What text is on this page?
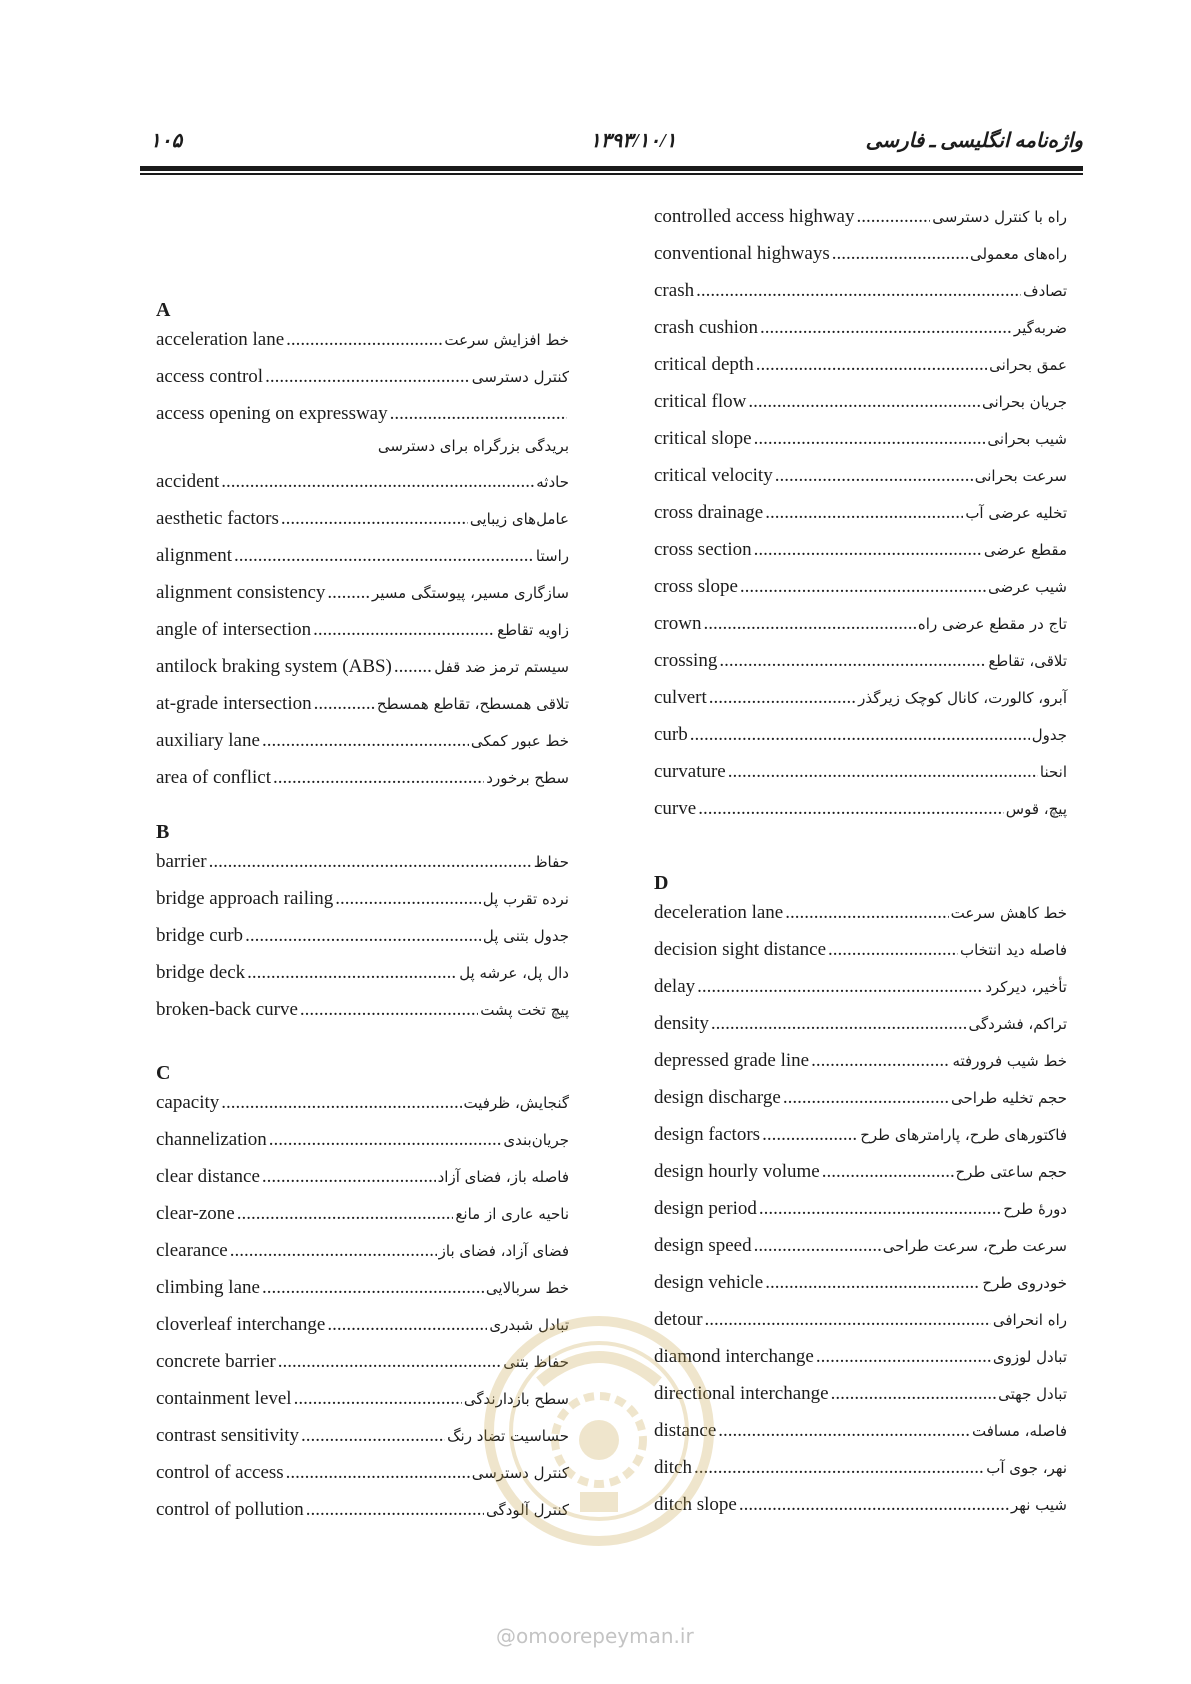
۱۰۵	۱۳۹۳/۱۰/۱	واژه‌نامه انگلیسی ـ فارسی
A
acceleration lane .....	خط افزایش سرعت
access control .....	کنترل دسترسی
access opening on expressway
.....
بریدگی بزرگراه برای دسترسی
accident .....	حادثه
aesthetic factors .....	عامل‌های زیبایی
alignment .....	راستا
alignment consistency .....	سازگاری مسیر، پیوستگی مسیر
angle of intersection .....	زاویه تقاطع
antilock braking system (ABS) .....	سیستم ترمز ضد قفل
at-grade intersection .....	تلاقی همسطح، تقاطع همسطح
auxiliary lane .....	خط عبور کمکی
area of conflict .....	سطح برخورد
B
barrier .....	حفاظ
bridge approach railing .....	نرده تقرب پل
bridge curb .....	جدول بتنی پل
bridge deck .....	دال پل، عرشه پل
broken-back curve .....	پیچ تخت پشت
C
capacity .....	گنجایش، ظرفیت
channelization .....	جریان‌بندی
clear distance .....	فاصله باز، فضای آزاد
clear-zone .....	ناحیه عاری از مانع
clearance .....	فضای آزاد، فضای باز
climbing lane .....	خط سربالایی
cloverleaf interchange .....	تبادل شبدری
concrete barrier .....	حفاظ بتنی
containment level .....	سطح بازدارندگی
contrast sensitivity .....	حساسیت تضاد رنگ
control of access .....	کنترل دسترسی
control of pollution .....	کنترل آلودگی
controlled access highway .....	راه با کنترل دسترسی
conventional highways .....	راه‌های معمولی
crash .....	تصادف
crash cushion .....	ضربه‌گیر
critical depth .....	عمق بحرانی
critical flow .....	جریان بحرانی
critical slope .....	شیب بحرانی
critical velocity .....	سرعت بحرانی
cross drainage .....	تخلیه عرضی آب
cross section .....	مقطع عرضی
cross slope .....	شیب عرضی
crown .....	تاج در مقطع عرضی راه
crossing .....	تلاقی، تقاطع
culvert .....	آبرو، کالورت، کانال کوچک زیرگذر
curb .....	جدول
curvature .....	انحنا
curve .....	پیچ، قوس
D
deceleration lane .....	خط کاهش سرعت
decision sight distance .....	فاصله دید انتخاب
delay .....	تأخیر، دیرکرد
density .....	تراکم، فشردگی
depressed grade line .....	خط شیب فرورفته
design discharge .....	حجم تخلیه طراحی
design factors .....	فاکتورهای طرح، پارامترهای طرح
design hourly volume .....	حجم ساعتی طرح
design period .....	دورهٔ طرح
design speed .....	سرعت طرح، سرعت طراحی
design vehicle .....	خودروی طرح
detour .....	راه انحرافی
diamond interchange .....	تبادل لوزوی
directional interchange .....	تبادل جهتی
distance .....	فاصله، مسافت
ditch .....	نهر، جوی آب
ditch slope .....	شیب نهر
@omoorepeyman.ir
